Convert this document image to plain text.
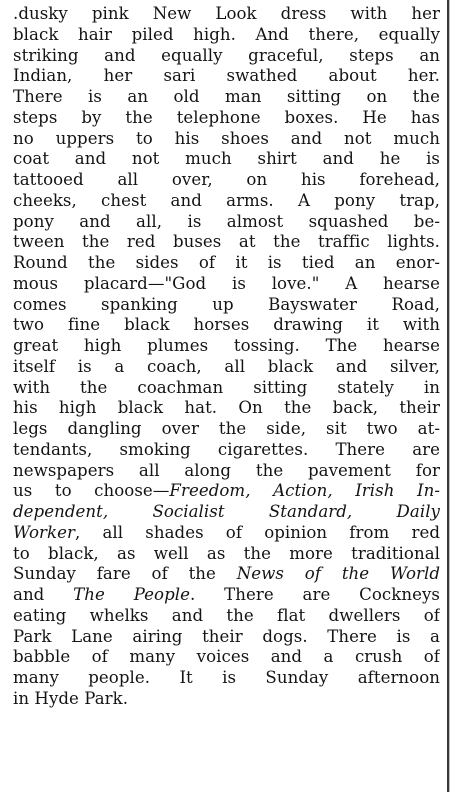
.dusky pink New Look dress with her
black hair piled high. And there, equally
striking and equally graceful, steps an
Indian, her sari swathed about her.
There is an old man sitting on the
steps by the telephone boxes. He has
no uppers to his shoes and not much
coat and not much shirt and he is
tattooed all over, on his forehead,
cheeks, chest and arms. A pony trap,
pony and all, is almost squashed be-
tween the red buses at the traffic lights.
Round the sides of it is tied an enor-
mous placard—"God is love." A hearse
comes spanking up Bayswater Road,
two fine black horses drawing it with
great high plumes tossing. The hearse
itself is a coach, all black and silver,
with the coachman sitting stately in
his high black hat. On the back, their
legs dangling over the side, sit two at-
tendants, smoking cigarettes. There are
newspapers all along the pavement for
us to choose—Freedom, Action, Irish In-
dependent, Socialist Standard, Daily
Worker, all shades of opinion from red
to black, as well as the more traditional
Sunday fare of the News of the World
and The People. There are Cockneys
eating whelks and the flat dwellers of
Park Lane airing their dogs. There is a
babble of many voices and a crush of
many people. It is Sunday afternoon
in Hyde Park.
